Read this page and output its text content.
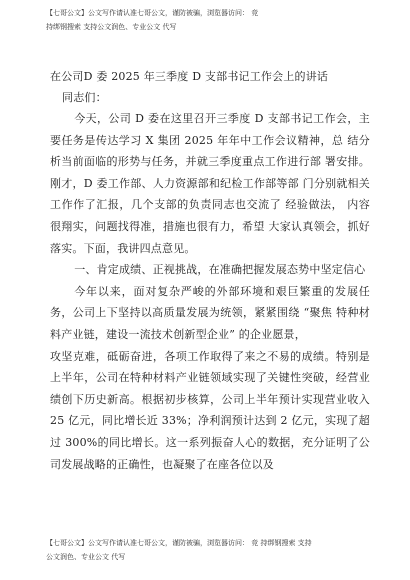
【七哥公文】公文写作请认准七哥公文，谨防被骗，浏览器访问： 竞
持绑钢搜索 支持公文润色、专业公文 代写

在公司D 委 2025 年三季度 D 支部书记工作会上的讲话

同志们：

今天，公司 D 委在这里召开三季度 D 支部书记工作会，主要任务是传达学习 X 集团 2025 年年中工作会议精神，总 结分析当前面临的形势与任务，并就三季度重点工作进行部 署安排。 刚才，D 委工作部、人力资源部和纪检工作部等部 门分别就相关工作作了汇报，几个支部的负责同志也交流了 经验做法， 内容很翔实，问题找得准，措施也很有力，希望 大家认真领会，抓好落实。下面，我讲四点意见。

一、肯定成绩、正视挑战，在准确把握发展态势中坚定信心

今年以来，面对复杂严峻的外部环境和艰巨繁重的发展任务，公司上下坚持以高质量发展为统领，紧紧围绕 “聚焦 特种材料产业链，建设一流技术创新型企业” 的企业愿景，

攻坚克难，砥砺奋进，各项工作取得了来之不易的成绩。特别是上半年，公司在特种材料产业链领域实现了关键性突破，经营业绩创下历史新高。根据初步核算，公司上半年预计实现营业收入 25 亿元，同比增长近 33%；净利润预计达到 2 亿元，实现了超过 300%的同比增长。这一系列振奋人心的数据，充分证明了公司发展战略的正确性，也凝聚了在座各位以及

【七哥公文】公文写作请认准七哥公文，谨防被骗，浏览器访问： 竞 持绑钢搜索 支持
公文润色、专业公文 代写
